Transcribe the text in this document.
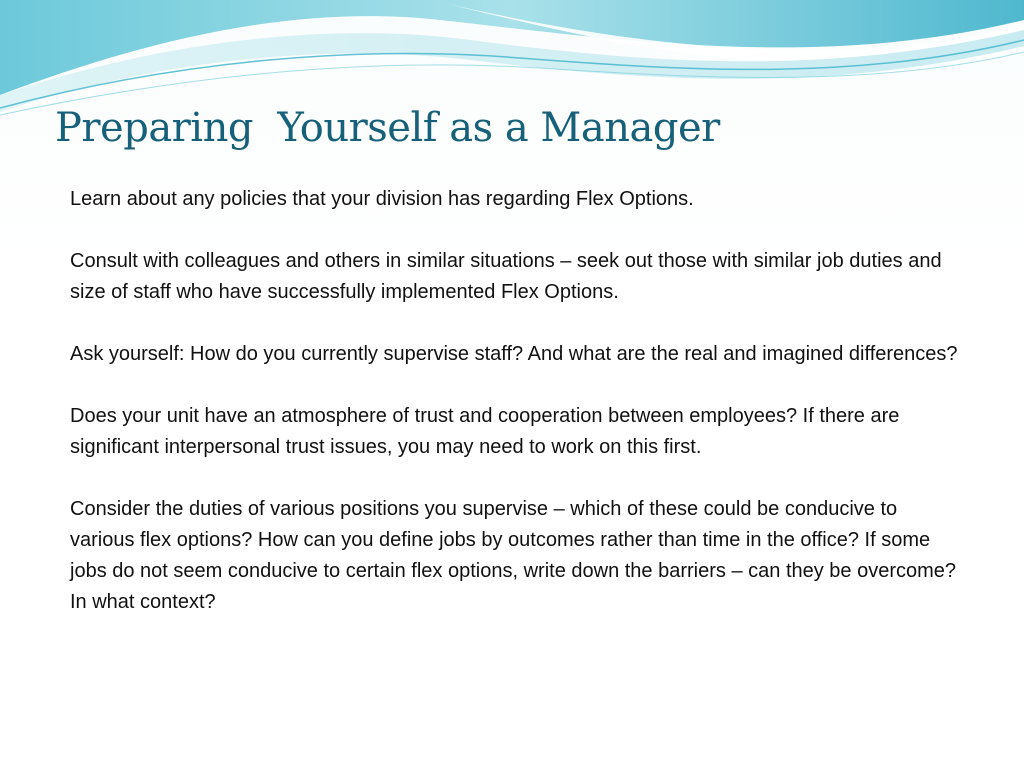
Preparing  Yourself as a Manager

Learn about any policies that your division has regarding Flex Options.

Consult with colleagues and others in similar situations – seek out those with similar job duties and size of staff who have successfully implemented Flex Options.

Ask yourself: How do you currently supervise staff? And what are the real and imagined differences?

Does your unit have an atmosphere of trust and cooperation between employees? If there are significant interpersonal trust issues, you may need to work on this first.

Consider the duties of various positions you supervise – which of these could be conducive to various flex options? How can you define jobs by outcomes rather than time in the office? If some jobs do not seem conducive to certain flex options, write down the barriers – can they be overcome? In what context?
